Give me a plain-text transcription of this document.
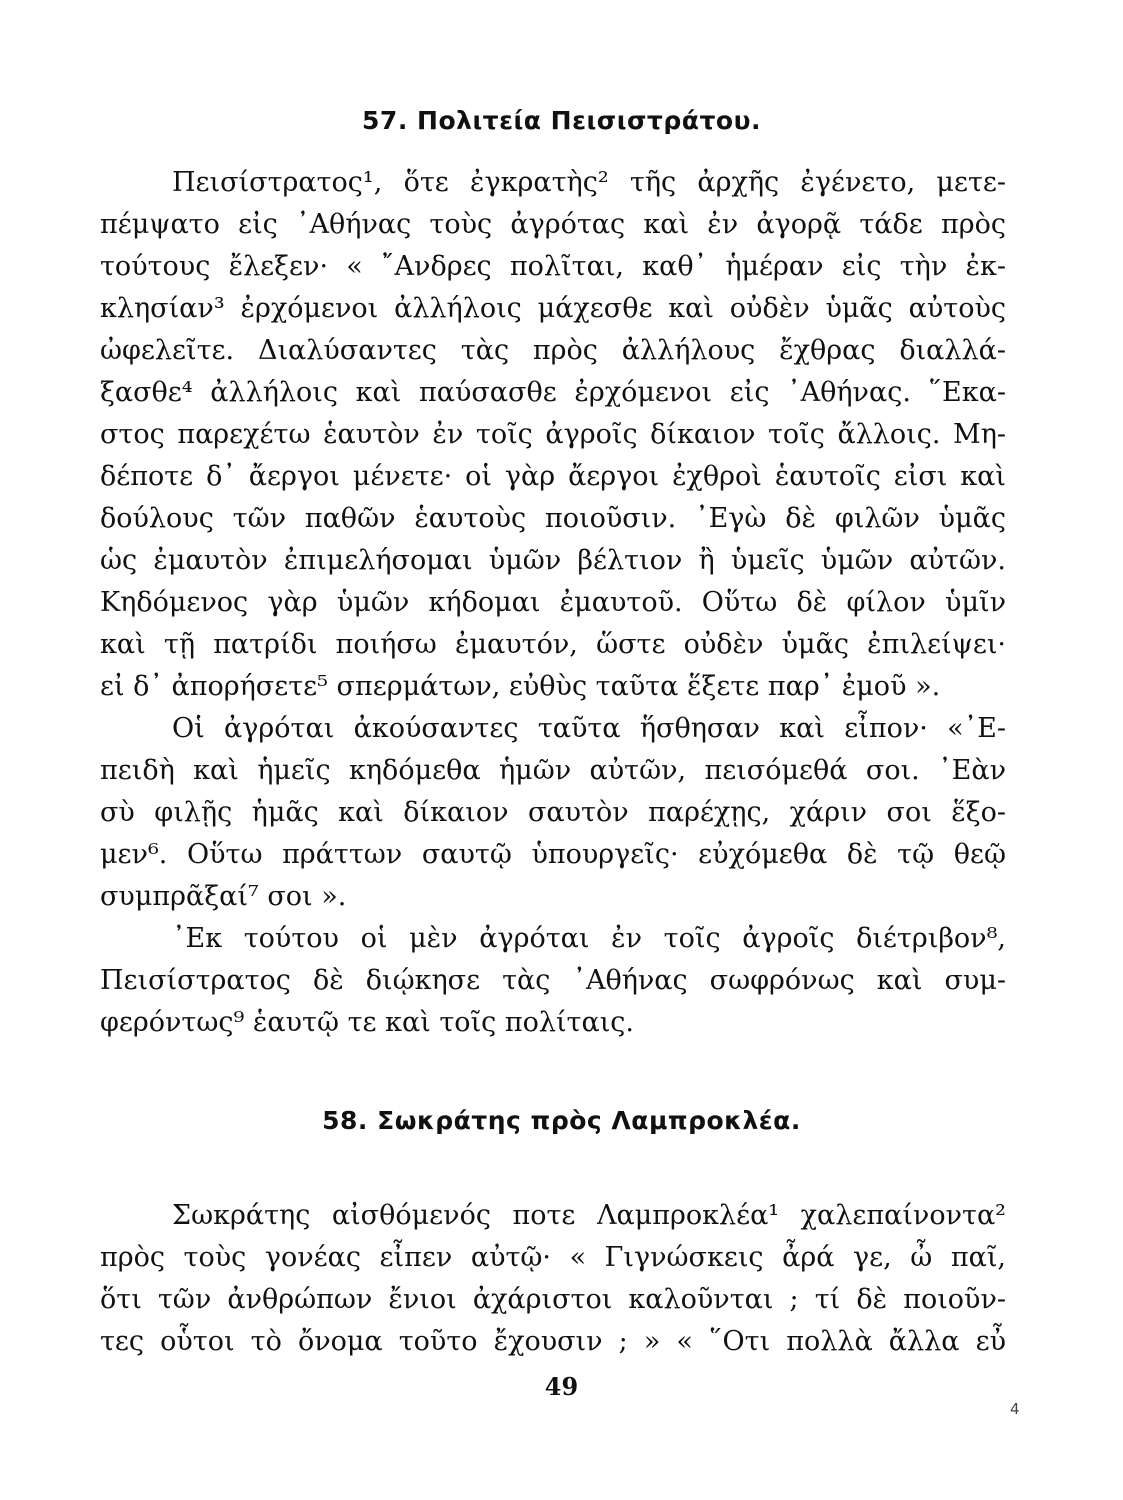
57. Πολιτεία Πεισιστράτου.
Πεισίστρατος¹, ὅτε ἐγκρατὴς² τῆς ἀρχῆς ἐγένετο, μετε-
πέμψατο εἰς ᾽Αθήνας τοὺς ἀγρότας καὶ ἐν ἀγορᾷ τάδε πρὸς
τούτους ἔλεξεν· « ῎Ανδρες πολῖται, καθ᾽ ἡμέραν εἰς τὴν ἐκ-
κλησίαν³ ἐρχόμενοι ἀλλήλοις μάχεσθε καὶ οὐδὲν ὑμᾶς αὐτοὺς
ὠφελεῖτε. Διαλύσαντες τὰς πρὸς ἀλλήλους ἔχθρας διαλλά-
ξασθε⁴ ἀλλήλοις καὶ παύσασθε ἐρχόμενοι εἰς ᾽Αθήνας. ῞Εκα-
στος παρεχέτω ἑαυτὸν ἐν τοῖς ἀγροῖς δίκαιον τοῖς ἄλλοις. Μη-
δέποτε δ᾽ ἄεργοι μένετε· οἱ γὰρ ἄεργοι ἐχθροὶ ἑαυτοῖς εἰσι καὶ
δούλους τῶν παθῶν ἑαυτοὺς ποιοῦσιν. ᾽Εγὼ δὲ φιλῶν ὑμᾶς
ὡς ἐμαυτὸν ἐπιμελήσομαι ὑμῶν βέλτιον ἢ ὑμεῖς ὑμῶν αὐτῶν.
Κηδόμενος γὰρ ὑμῶν κήδομαι ἐμαυτοῦ. Οὕτω δὲ φίλον ὑμῖν
καὶ τῇ πατρίδι ποιήσω ἐμαυτόν, ὥστε οὐδὲν ὑμᾶς ἐπιλείψει·
εἰ δ᾽ ἀπορήσετε⁵ σπερμάτων, εὐθὺς ταῦτα ἕξετε παρ᾽ ἐμοῦ ».
Οἱ ἀγρόται ἀκούσαντες ταῦτα ἥσθησαν καὶ εἶπον· «᾽Ε-
πειδὴ καὶ ἡμεῖς κηδόμεθα ἡμῶν αὐτῶν, πεισόμεθά σοι. ᾽Εὰν
σὺ φιλῇς ἡμᾶς καὶ δίκαιον σαυτὸν παρέχῃς, χάριν σοι ἕξο-
μεν⁶. Οὕτω πράττων σαυτῷ ὑπουργεῖς· εὐχόμεθα δὲ τῷ θεῷ
συμπρᾶξαί⁷ σοι ».
᾽Εκ τούτου οἱ μὲν ἀγρόται ἐν τοῖς ἀγροῖς διέτριβον⁸,
Πεισίστρατος δὲ διῴκησε τὰς ᾽Αθήνας σωφρόνως καὶ συμ-
φερόντως⁹ ἑαυτῷ τε καὶ τοῖς πολίταις.
58. Σωκράτης πρὸς Λαμπροκλέα.
Σωκράτης αἰσθόμενός ποτε Λαμπροκλέα¹ χαλεπαίνοντα²
πρὸς τοὺς γονέας εἶπεν αὐτῷ· « Γιγνώσκεις ἆρά γε, ὦ παῖ,
ὅτι τῶν ἀνθρώπων ἔνιοι ἀχάριστοι καλοῦνται ; τί δὲ ποιοῦν-
τες οὗτοι τὸ ὄνομα τοῦτο ἔχουσιν ; » « ῞Οτι πολλὰ ἄλλα εὖ
49
4
